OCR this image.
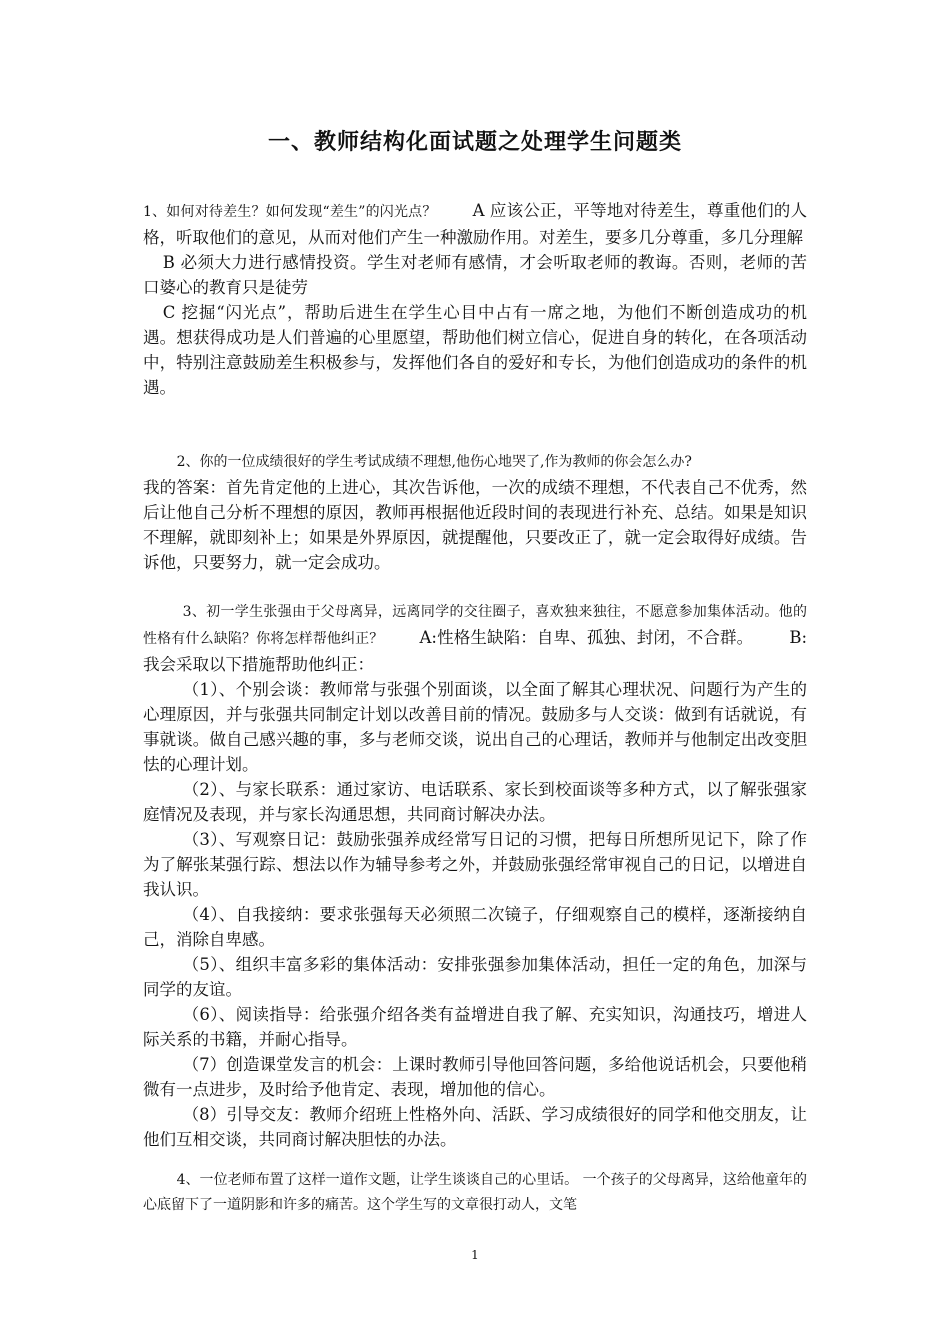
一、教师结构化面试题之处理学生问题类

1、如何对待差生？如何发现“差生”的闪光点？ A 应该公正，平等地对待差生，尊重他们的人格，听取他们的意见，从而对他们产生一种激励作用。对差生，要多几分尊重，多几分理解

B 必须大力进行感情投资。学生对老师有感情，才会听取老师的教诲。否则，老师的苦口婆心的教育只是徒劳

C 挖掘“闪光点”，帮助后进生在学生心目中占有一席之地，为他们不断创造成功的机遇。想获得成功是人们普遍的心里愿望，帮助他们树立信心，促进自身的转化，在各项活动中，特别注意鼓励差生积极参与，发挥他们各自的爱好和专长，为他们创造成功的条件的机遇。

2、你的一位成绩很好的学生考试成绩不理想,他伤心地哭了,作为教师的你会怎么办?

我的答案：首先肯定他的上进心，其次告诉他，一次的成绩不理想，不代表自己不优秀，然后让他自己分析不理想的原因，教师再根据他近段时间的表现进行补充、总结。如果是知识不理解，就即刻补上；如果是外界原因，就提醒他，只要改正了，就一定会取得好成绩。告诉他，只要努力，就一定会成功。

3、初一学生张强由于父母离异，远离同学的交往圈子，喜欢独来独往，不愿意参加集体活动。他的性格有什么缺陷？你将怎样帮他纠正？ A:性格生缺陷：自卑、孤独、封闭，不合群。 B:我会采取以下措施帮助他纠正：

（1）、个别会谈：教师常与张强个别面谈，以全面了解其心理状况、问题行为产生的心理原因，并与张强共同制定计划以改善目前的情况。鼓励多与人交谈：做到有话就说，有事就谈。做自己感兴趣的事，多与老师交谈，说出自己的心理话，教师并与他制定出改变胆怯的心理计划。

（2）、与家长联系：通过家访、电话联系、家长到校面谈等多种方式，以了解张强家庭情况及表现，并与家长沟通思想，共同商讨解决办法。

（3）、写观察日记：鼓励张强养成经常写日记的习惯，把每日所想所见记下，除了作为了解张某强行踪、想法以作为辅导参考之外，并鼓励张强经常审视自己的日记，以增进自我认识。

（4）、自我接纳：要求张强每天必须照二次镜子，仔细观察自己的模样，逐渐接纳自己，消除自卑感。

（5）、组织丰富多彩的集体活动：安排张强参加集体活动，担任一定的角色，加深与同学的友谊。

（6）、阅读指导：给张强介绍各类有益增进自我了解、充实知识，沟通技巧，增进人际关系的书籍，并耐心指导。

（7）创造课堂发言的机会：上课时教师引导他回答问题，多给他说话机会，只要他稍微有一点进步，及时给予他肯定、表现，增加他的信心。

（8）引导交友：教师介绍班上性格外向、活跃、学习成绩很好的同学和他交朋友，让他们互相交谈，共同商讨解决胆怯的办法。

4、一位老师布置了这样一道作文题，让学生谈谈自己的心里话。 一个孩子的父母离异，这给他童年的心底留下了一道阴影和许多的痛苦。这个学生写的文章很打动人，文笔

1
